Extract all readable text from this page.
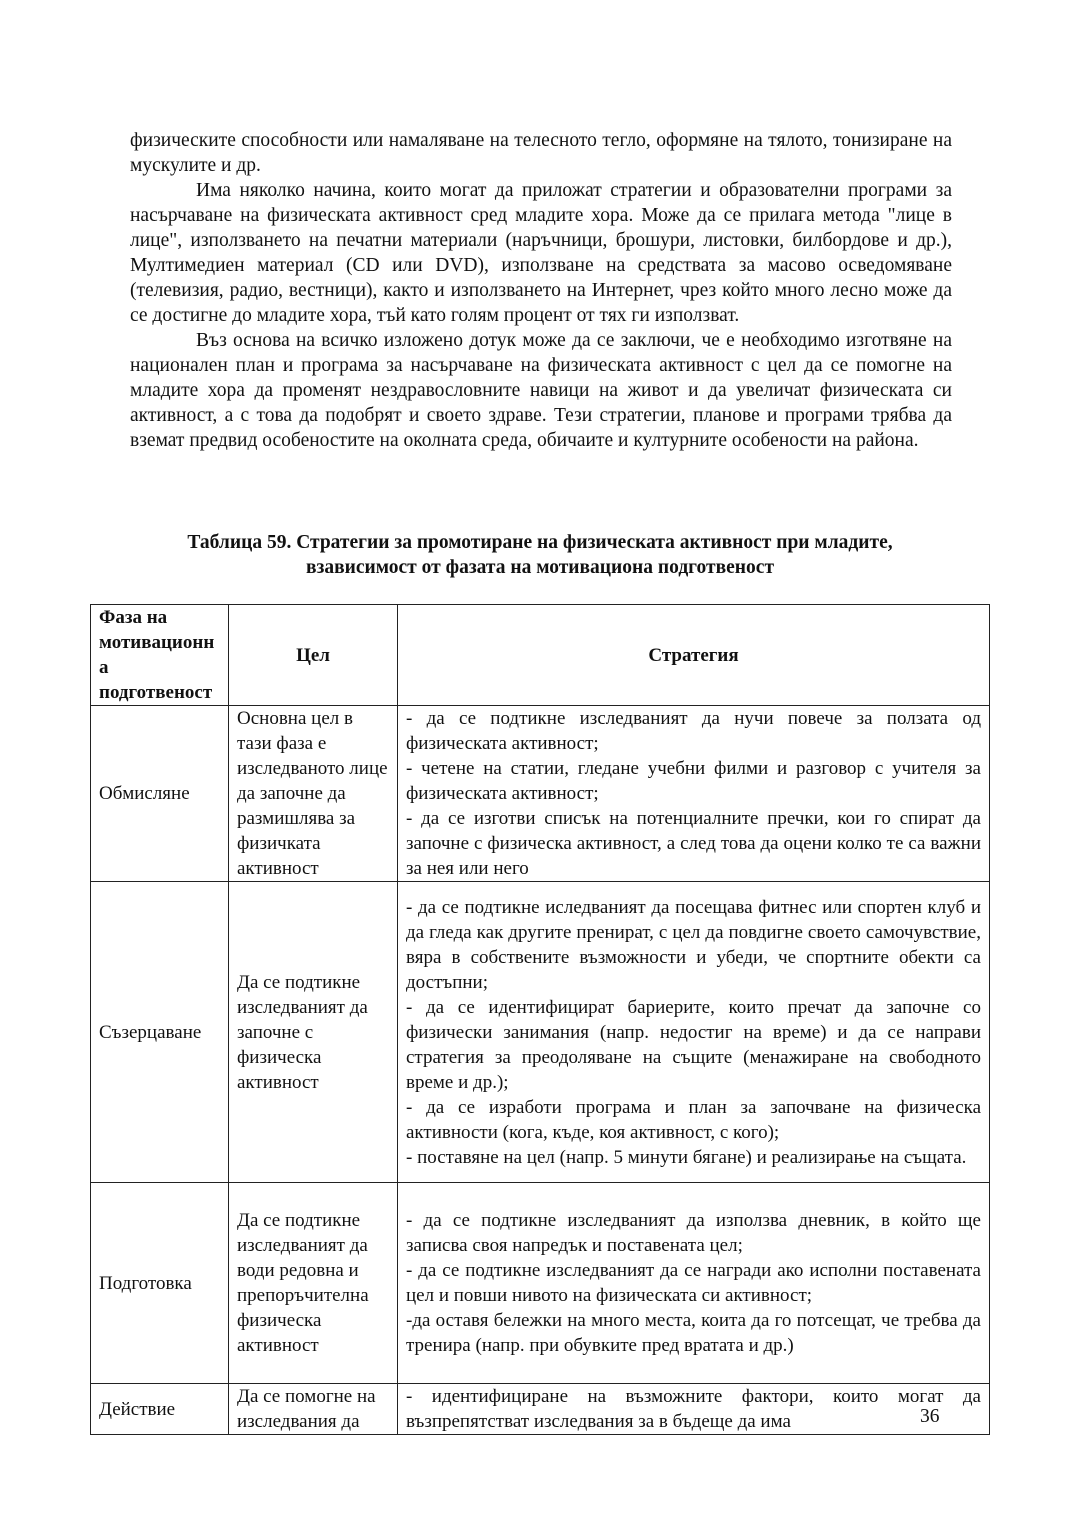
физическите способности или намаляване на телесното тегло, оформяне на тялото, тонизиране на мускулите и др.

Има няколко начина, които могат да приложат стратегии и образователни програми за насърчаване на физическата активност сред младите хора. Може да се прилага метода "лице в лице", използването на печатни материали (наръчници, брошури, листовки, билбордове и др.), Мултимедиен материал (CD или DVD), използване на средствата за масово осведомяване (телевизия, радио, вестници), както и използването на Интернет, чрез който много лесно може да се достигне до младите хора, тъй като голям процент от тях ги използват.

Въз основа на всичко изложено дотук може да се заключи, че е необходимо изготвяне на национален план и програма за насърчаване на физическата активност с цел да се помогне на младите хора да променят нездравословните навици на живот и да увеличат физическата си активност, а с това да подобрят и своето здраве. Тези стратегии, планове и програми трябва да вземат предвид особеностите на околната среда, обичаите и културните особености на района.

Таблица 59. Стратегии за промотиране на физическата активност при младите,
взависимост от фазата на мотивациона подготвеност
Фаза на мотивационн а подготвеност	Цел	Стратегия
Обмисляне	Основна цел в тази фаза е изследваното лице да започне да размишлява за физичката активност	- да се подтикне изследваният да нучи повече за ползата од физическата активност;
- четене на статии, гледане учебни филми и разговор с учителя за физическата активност;
- да се изготви списък на потенциалните пречки, кои го спират да започне с физическа активност, а след това да оцени колко те са важни за нея или него

Съзерцаване	Да се подтикне изследваният да започне с физическа активност	- да се подтикне иследваният да посещава фитнес или спортен клуб и да гледа как другите пренират, с цел да повдигне своето самочувствие, вяра в собствените възможности и убеди, че спортните обекти са достъпни;
- да се идентифицират бариерите, които пречат да започне со физически занимания (напр. недостиг на време) и да се направи стратегия за преодоляване на същите (менажиране на свободното време и др.);
- да се изработи програма и план за започване на физическа активности (кога, къде, коя активност, с кого);
- поставяне на цел (напр. 5 минути бягане) и реализирање на същата.

Подготовка	Да се подтикне изследваният да води редовна и препоръчителна физическа активност	- да се подтикне изследваният да използва дневник, в който ще записва своя напредък и поставената цел;
- да се подтикне изследваният да се награди ако исполни поставената цел и повши нивото на физическата си активност;
-да оставя бележки на много места, коита да го потсещат, че требва да тренира (напр. при обувките пред вратата и др.)

Действие	Да се помогне на изследвания да	- идентифициране на възможните фактори, които могат да възпрепятстват изследвания за в бъдеще да има	36
